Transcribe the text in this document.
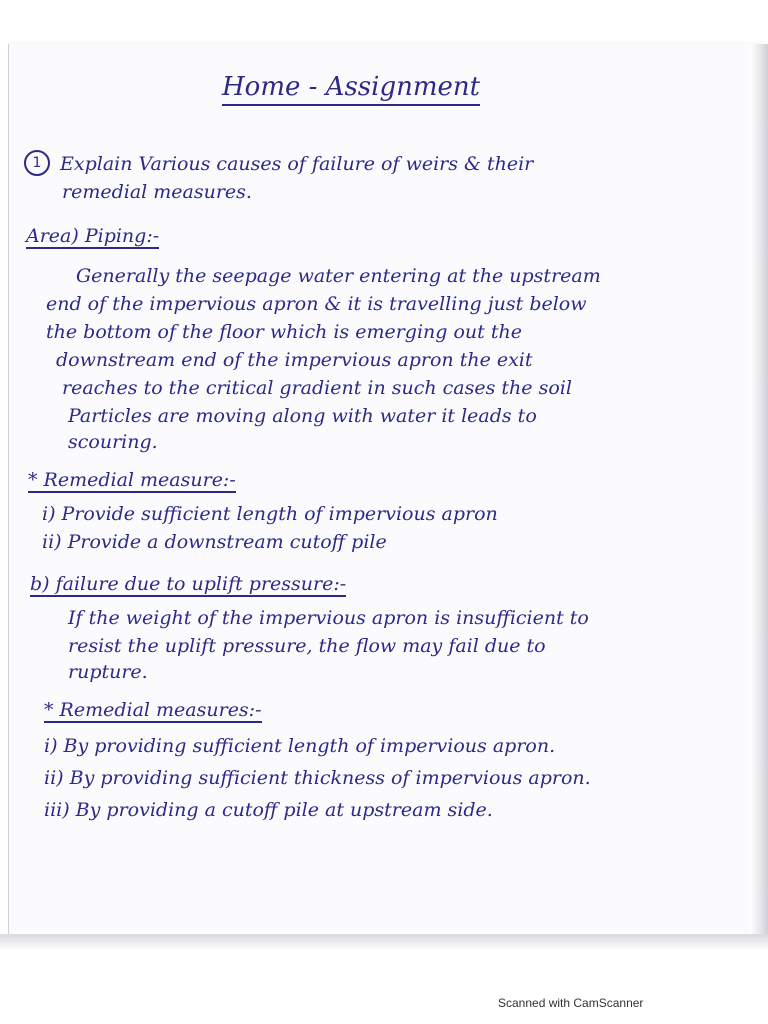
Home - Assignment
1 Explain Various causes of failure of weirs & their
remedial measures.
Area) Piping:-
Generally the seepage water entering at the upstream
end of the impervious apron & it is travelling just below
the bottom of the floor which is emerging out the
downstream end of the impervious apron the exit
reaches to the critical gradient in such cases the soil
Particles are moving along with water it leads to
scouring.
* Remedial measure:-
i) Provide sufficient length of impervious apron
ii) Provide a downstream cutoff pile
b) failure due to uplift pressure:-
If the weight of the impervious apron is insufficient to
resist the uplift pressure, the flow may fail due to
rupture.
* Remedial measures:-
i) By providing sufficient length of impervious apron.
ii) By providing sufficient thickness of impervious apron.
iii) By providing a cutoff pile at upstream side.
Scanned with CamScanner
